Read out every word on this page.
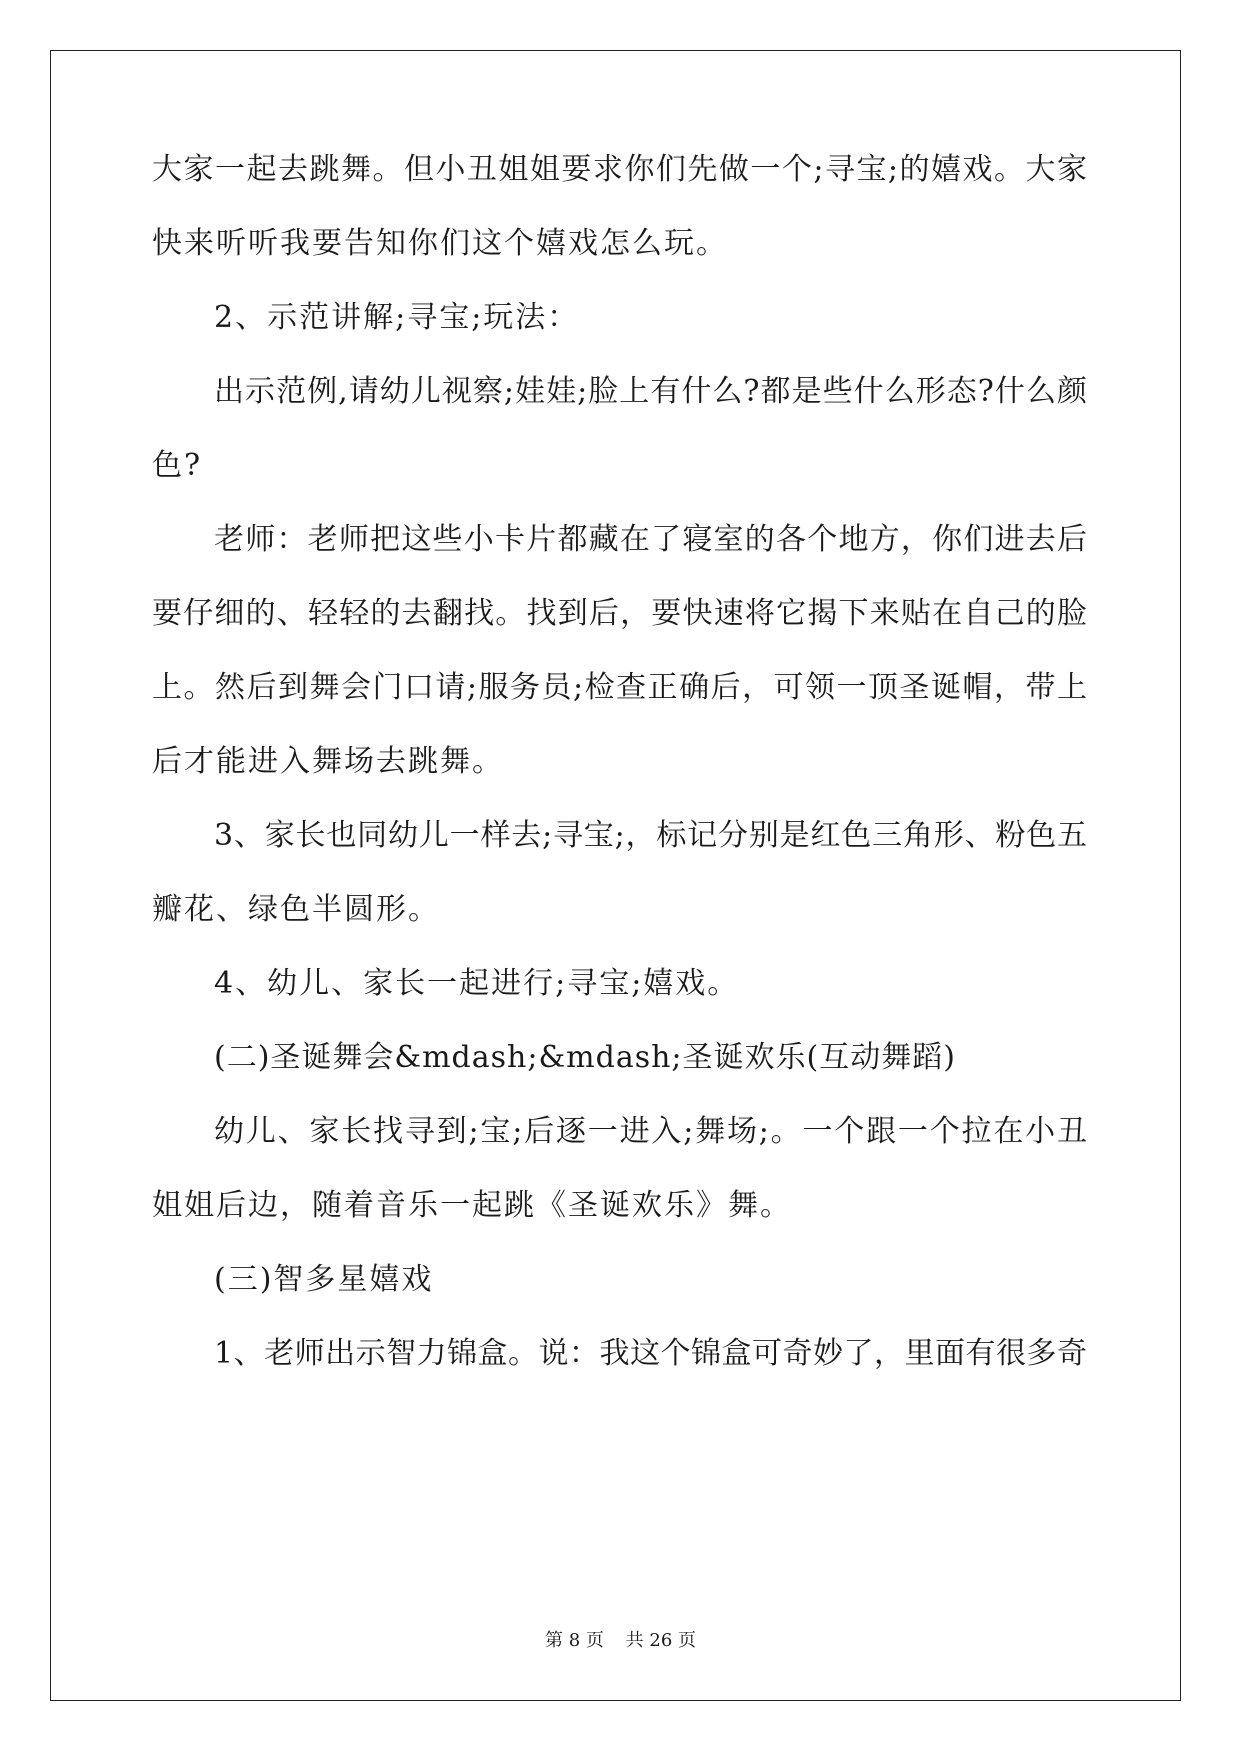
大家一起去跳舞。但小丑姐姐要求你们先做一个;寻宝;的嬉戏。大家
快来听听我要告知你们这个嬉戏怎么玩。
2、示范讲解;寻宝;玩法：
出示范例,请幼儿视察;娃娃;脸上有什么?都是些什么形态?什么颜
色?
老师：老师把这些小卡片都藏在了寝室的各个地方，你们进去后
要仔细的、轻轻的去翻找。找到后，要快速将它揭下来贴在自己的脸
上。然后到舞会门口请;服务员;检查正确后，可领一顶圣诞帽，带上
后才能进入舞场去跳舞。
3、家长也同幼儿一样去;寻宝;，标记分别是红色三角形、粉色五
瓣花、绿色半圆形。
4、幼儿、家长一起进行;寻宝;嬉戏。
(二)圣诞舞会&mdash;&mdash;圣诞欢乐(互动舞蹈)
幼儿、家长找寻到;宝;后逐一进入;舞场;。一个跟一个拉在小丑
姐姐后边，随着音乐一起跳《圣诞欢乐》舞。
(三)智多星嬉戏
1、老师出示智力锦盒。说：我这个锦盒可奇妙了，里面有很多奇
第 8 页 共 26 页
